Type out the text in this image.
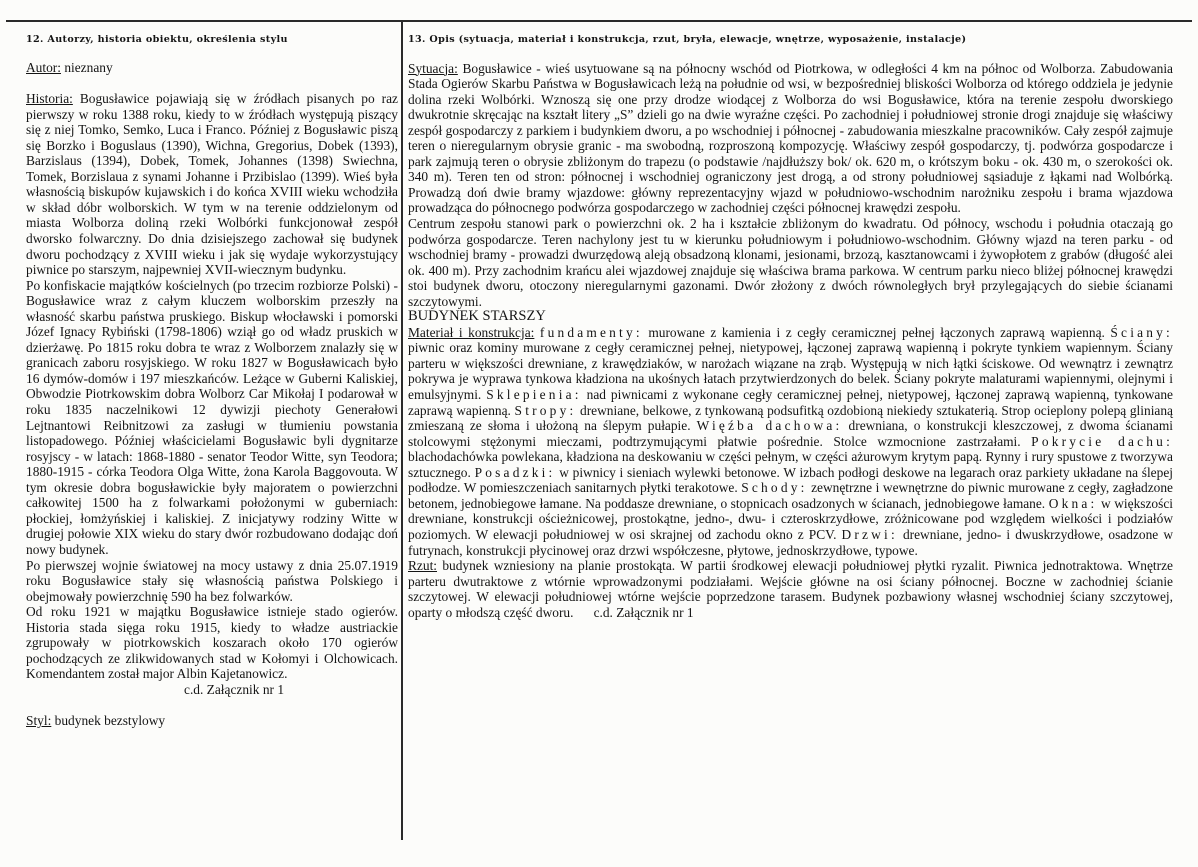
12. Autorzy, historia obiektu, określenia stylu

Autor: nieznany

Historia: Bogusławice pojawiają się w źródłach pisanych po raz pierwszy w roku 1388 roku, kiedy to w źródłach występują piszący się z niej Tomko, Semko, Luca i Franco. Później z Bogusławic piszą się Borzko i Boguslaus (1390), Wichna, Gregorius, Dobek (1393), Barzislaus (1394), Dobek, Tomek, Johannes (1398) Swiechna, Tomek, Borzislaua z synami Johanne i Przibislao (1399). Wieś była własnością biskupów kujawskich i do końca XVIII wieku wchodziła w skład dóbr wolborskich. W tym w na terenie oddzielonym od miasta Wolborza doliną rzeki Wolbórki funkcjonował zespół dworsko folwarczny. Do dnia dzisiejszego zachował się budynek dworu pochodzący z XVIII wieku i jak się wydaje wykorzystujący piwnice po starszym, najpewniej XVII-wiecznym budynku.

Po konfiskacie majątków kościelnych (po trzecim rozbiorze Polski) - Bogusławice wraz z całym kluczem wolborskim przeszły na własność skarbu państwa pruskiego. Biskup włocławski i pomorski Józef Ignacy Rybiński (1798-1806) wziął go od władz pruskich w dzierżawę. Po 1815 roku dobra te wraz z Wolborzem znalazły się w granicach zaboru rosyjskiego. W roku 1827 w Bogusławicach było 16 dymów-domów i 197 mieszkańców. Leżące w Guberni Kaliskiej, Obwodzie Piotrkowskim dobra Wolborz Car Mikołaj I podarował w roku 1835 naczelnikowi 12 dywizji piechoty Generałowi Lejtnantowi Reibnitzowi za zasługi w tłumieniu powstania listopadowego. Później właścicielami Bogusławic byli dygnitarze rosyjscy - w latach: 1868-1880 - senator Teodor Witte, syn Teodora; 1880-1915 - córka Teodora Olga Witte, żona Karola Baggovouta. W tym okresie dobra bogusławickie były majoratem o powierzchni całkowitej 1500 ha z folwarkami położonymi w guberniach: płockiej, łomżyńskiej i kaliskiej. Z inicjatywy rodziny Witte w drugiej połowie XIX wieku do stary dwór rozbudowano dodając doń nowy budynek.

Po pierwszej wojnie światowej na mocy ustawy z dnia 25.07.1919 roku Bogusławice stały się własnością państwa Polskiego i obejmowały powierzchnię 590 ha bez folwarków.

Od roku 1921 w majątku Bogusławice istnieje stado ogierów. Historia stada sięga roku 1915, kiedy to władze austriackie zgrupowały w piotrkowskich koszarach około 170 ogierów pochodzących ze zlikwidowanych stad w Kołomyi i Olchowicach. Komendantem został major Albin Kajetanowicz.

c.d. Załącznik nr 1

Styl: budynek bezstylowy

13. Opis (sytuacja, materiał i konstrukcja, rzut, bryła, elewacje, wnętrze, wyposażenie, instalacje)

Sytuacja: Bogusławice - wieś usytuowane są na północny wschód od Piotrkowa, w odległości 4 km na północ od Wolborza. Zabudowania Stada Ogierów Skarbu Państwa w Bogusławicach leżą na południe od wsi, w bezpośredniej bliskości Wolborza od którego oddziela je jedynie dolina rzeki Wolbórki. Wznoszą się one przy drodze wiodącej z Wolborza do wsi Bogusławice, która na terenie zespołu dworskiego dwukrotnie skręcając na kształt litery „S” dzieli go na dwie wyraźne części. Po zachodniej i południowej stronie drogi znajduje się właściwy zespół gospodarczy z parkiem i budynkiem dworu, a po wschodniej i północnej - zabudowania mieszkalne pracowników. Cały zespół zajmuje teren o nieregularnym obrysie granic - ma swobodną, rozproszoną kompozycję. Właściwy zespół gospodarczy, tj. podwórza gospodarcze i park zajmują teren o obrysie zbliżonym do trapezu (o podstawie /najdłuższy bok/ ok. 620 m, o krótszym boku - ok. 430 m, o szerokości ok. 340 m). Teren ten od stron: północnej i wschodniej ograniczony jest drogą, a od strony południowej sąsiaduje z łąkami nad Wolbórką. Prowadzą doń dwie bramy wjazdowe: główny reprezentacyjny wjazd w południowo-wschodnim narożniku zespołu i brama wjazdowa prowadząca do północnego podwórza gospodarczego w zachodniej części północnej krawędzi zespołu.

Centrum zespołu stanowi park o powierzchni ok. 2 ha i kształcie zbliżonym do kwadratu. Od północy, wschodu i południa otaczają go podwórza gospodarcze. Teren nachylony jest tu w kierunku południowym i południowo-wschodnim. Główny wjazd na teren parku - od wschodniej bramy - prowadzi dwurzędową aleją obsadzoną klonami, jesionami, brzozą, kasztanowcami i żywopłotem z grabów (długość alei ok. 400 m). Przy zachodnim krańcu alei wjazdowej znajduje się właściwa brama parkowa. W centrum parku nieco bliżej północnej krawędzi stoi budynek dworu, otoczony nieregularnymi gazonami. Dwór złożony z dwóch równoległych brył przylegających do siebie ścianami szczytowymi.

BUDYNEK STARSZY

Materiał i konstrukcja: fundamenty: murowane z kamienia i z cegły ceramicznej pełnej łączonych zaprawą wapienną. Ściany: piwnic oraz kominy murowane z cegły ceramicznej pełnej, nietypowej, łączonej zaprawą wapienną i pokryte tynkiem wapiennym. Ściany parteru w większości drewniane, z krawędziaków, w narożach wiązane na zrąb. Występują w nich łątki ściskowe. Od wewnątrz i zewnątrz pokrywa je wyprawa tynkowa kładziona na ukośnych łatach przytwierdzonych do belek. Ściany pokryte malaturami wapiennymi, olejnymi i emulsyjnymi. Sklepienia: nad piwnicami z wykonane cegły ceramicznej pełnej, nietypowej, łączonej zaprawą wapienną, tynkowane zaprawą wapienną. Stropy: drewniane, belkowe, z tynkowaną podsufitką ozdobioną niekiedy sztukaterią. Strop ocieplony polepą glinianą zmieszaną ze słoma i ułożoną na ślepym pułapie. Więźba dachowa: drewniana, o konstrukcji kleszczowej, z dwoma ścianami stolcowymi stężonymi mieczami, podtrzymującymi płatwie pośrednie. Stolce wzmocnione zastrzałami. Pokrycie dachu: blachodachówka powlekana, kładziona na deskowaniu w części pełnym, w części ażurowym krytym papą. Rynny i rury spustowe z tworzywa sztucznego. Posadzki: w piwnicy i sieniach wylewki betonowe. W izbach podłogi deskowe na legarach oraz parkiety układane na ślepej podłodze. W pomieszczeniach sanitarnych płytki terakotowe. Schody: zewnętrzne i wewnętrzne do piwnic murowane z cegły, zagładzone betonem, jednobiegowe łamane. Na poddasze drewniane, o stopnicach osadzonych w ścianach, jednobiegowe łamane. Okna: w większości drewniane, konstrukcji ościeżnicowej, prostokątne, jedno-, dwu- i czteroskrzydłowe, zróżnicowane pod względem wielkości i podziałów poziomych. W elewacji południowej w osi skrajnej od zachodu okno z PCV. Drzwi: drewniane, jedno- i dwuskrzydłowe, osadzone w futrynach, konstrukcji płycinowej oraz drzwi współczesne, płytowe, jednoskrzydłowe, typowe.

Rzut: budynek wzniesiony na planie prostokąta. W partii środkowej elewacji południowej płytki ryzalit. Piwnica jednotraktowa. Wnętrze parteru dwutraktowe z wtórnie wprowadzonymi podziałami. Wejście główne na osi ściany północnej. Boczne w zachodniej ścianie szczytowej. W elewacji południowej wtórne wejście poprzedzone tarasem. Budynek pozbawiony własnej wschodniej ściany szczytowej, oparty o młodszą część dworu. c.d. Załącznik nr 1
